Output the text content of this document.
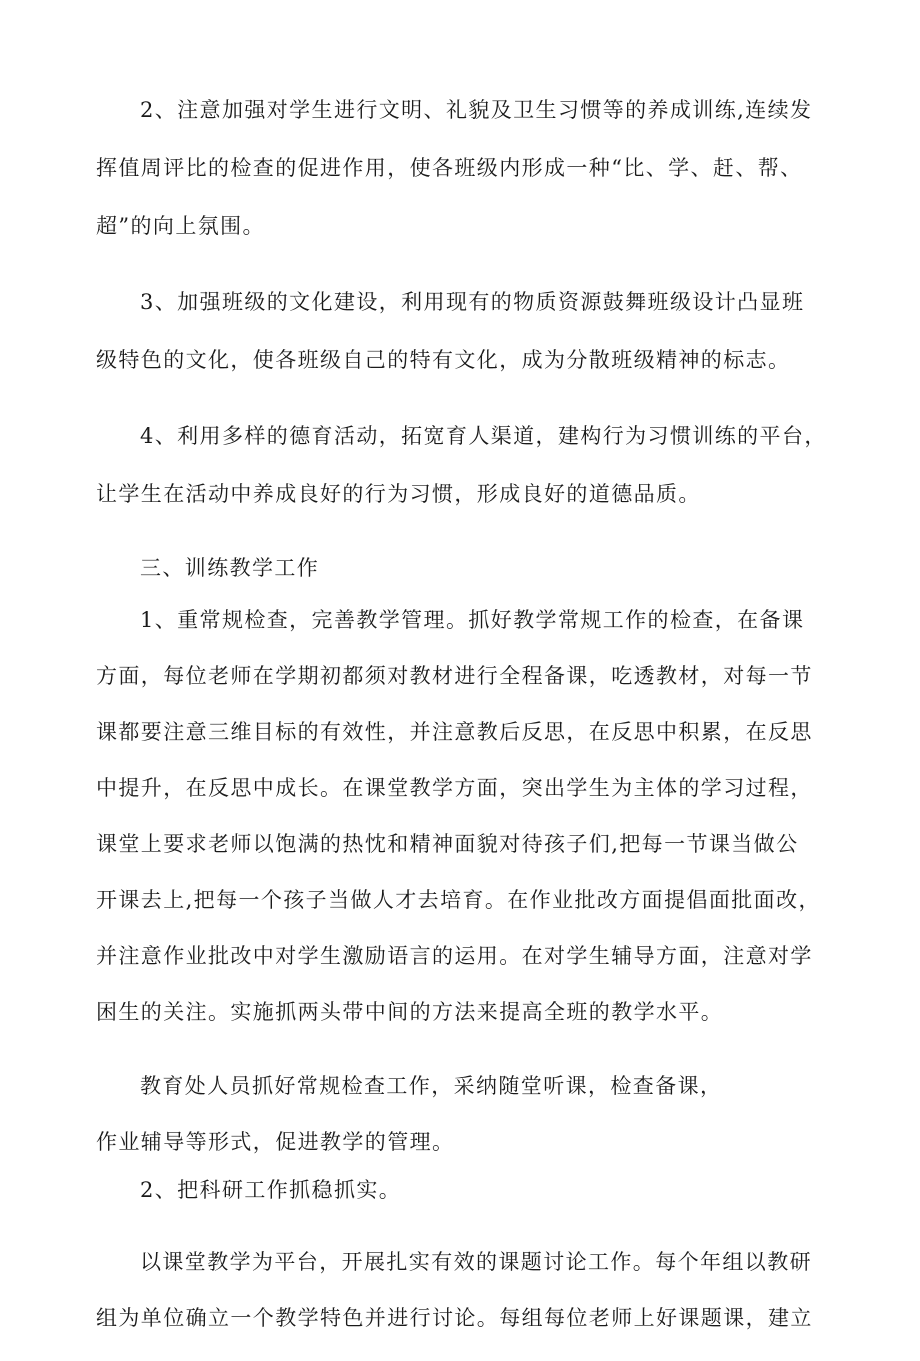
2、注意加强对学生进行文明、礼貌及卫生习惯等的养成训练,连续发
挥值周评比的检查的促进作用，使各班级内形成一种“比、学、赶、帮、
超”的向上氛围。
3、加强班级的文化建设，利用现有的物质资源鼓舞班级设计凸显班
级特色的文化，使各班级自己的特有文化，成为分散班级精神的标志。
4、利用多样的德育活动，拓宽育人渠道，建构行为习惯训练的平台，
让学生在活动中养成良好的行为习惯，形成良好的道德品质。
三、训练教学工作
1、重常规检查，完善教学管理。抓好教学常规工作的检查，在备课
方面，每位老师在学期初都须对教材进行全程备课，吃透教材，对每一节
课都要注意三维目标的有效性，并注意教后反思，在反思中积累，在反思
中提升，在反思中成长。在课堂教学方面，突出学生为主体的学习过程，
课堂上要求老师以饱满的热忱和精神面貌对待孩子们,把每一节课当做公
开课去上,把每一个孩子当做人才去培育。在作业批改方面提倡面批面改，
并注意作业批改中对学生激励语言的运用。在对学生辅导方面，注意对学
困生的关注。实施抓两头带中间的方法来提高全班的教学水平。
教育处人员抓好常规检查工作，采纳随堂听课，检查备课，
作业辅导等形式，促进教学的管理。
2、把科研工作抓稳抓实。
以课堂教学为平台，开展扎实有效的课题讨论工作。每个年组以教研
组为单位确立一个教学特色并进行讨论。每组每位老师上好课题课，建立
